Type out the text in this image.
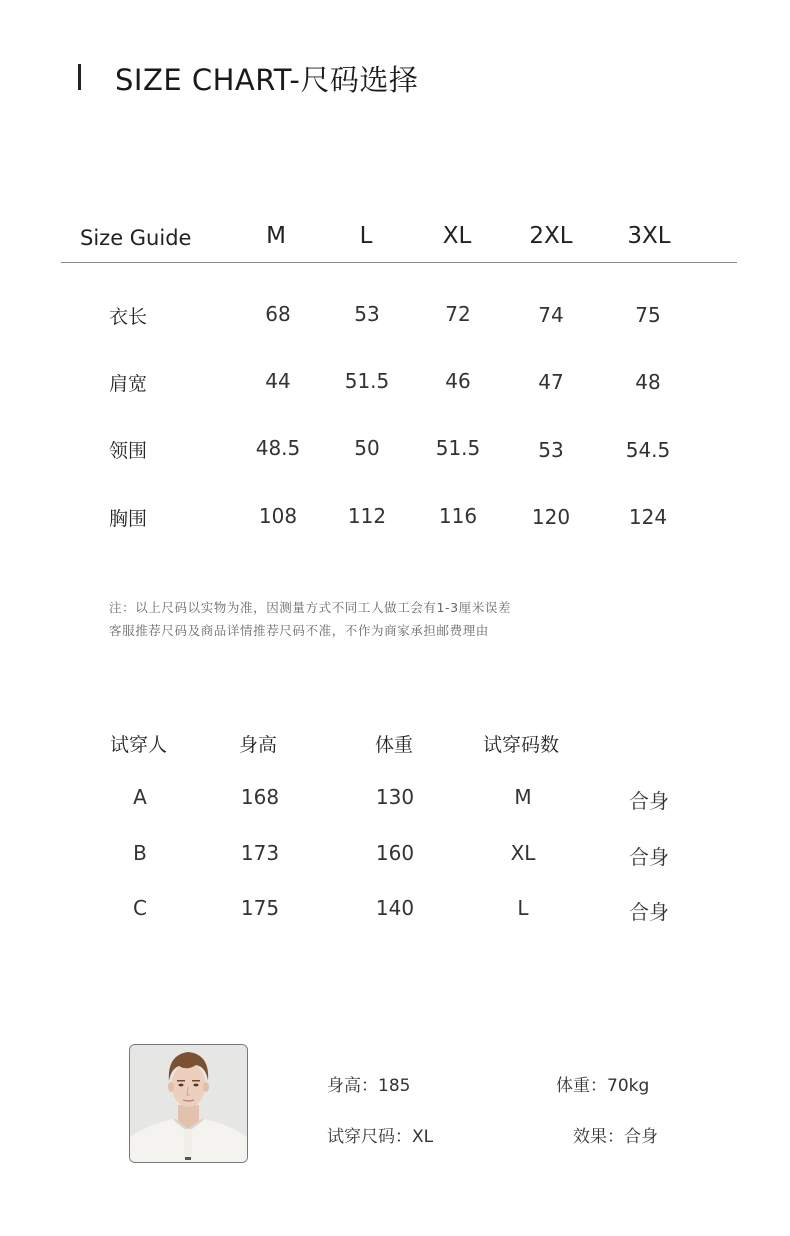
SIZE CHART-尺码选择
Size Guide	M	L	XL	2XL	3XL
衣长	68	53	72	74	75
肩宽	44	51.5	46	47	48
领围	48.5	50	51.5	53	54.5
胸围	108	112	116	120	124
注：以上尺码以实物为准，因测量方式不同工人做工会有1-3厘米误差
客服推荐尺码及商品详情推荐尺码不准，不作为商家承担邮费理由
试穿人	身高	体重	试穿码数
A	168	130	M	合身
B	173	160	XL	合身
C	175	140	L	合身
身高：185	体重：70kg
试穿尺码：XL	效果：合身
